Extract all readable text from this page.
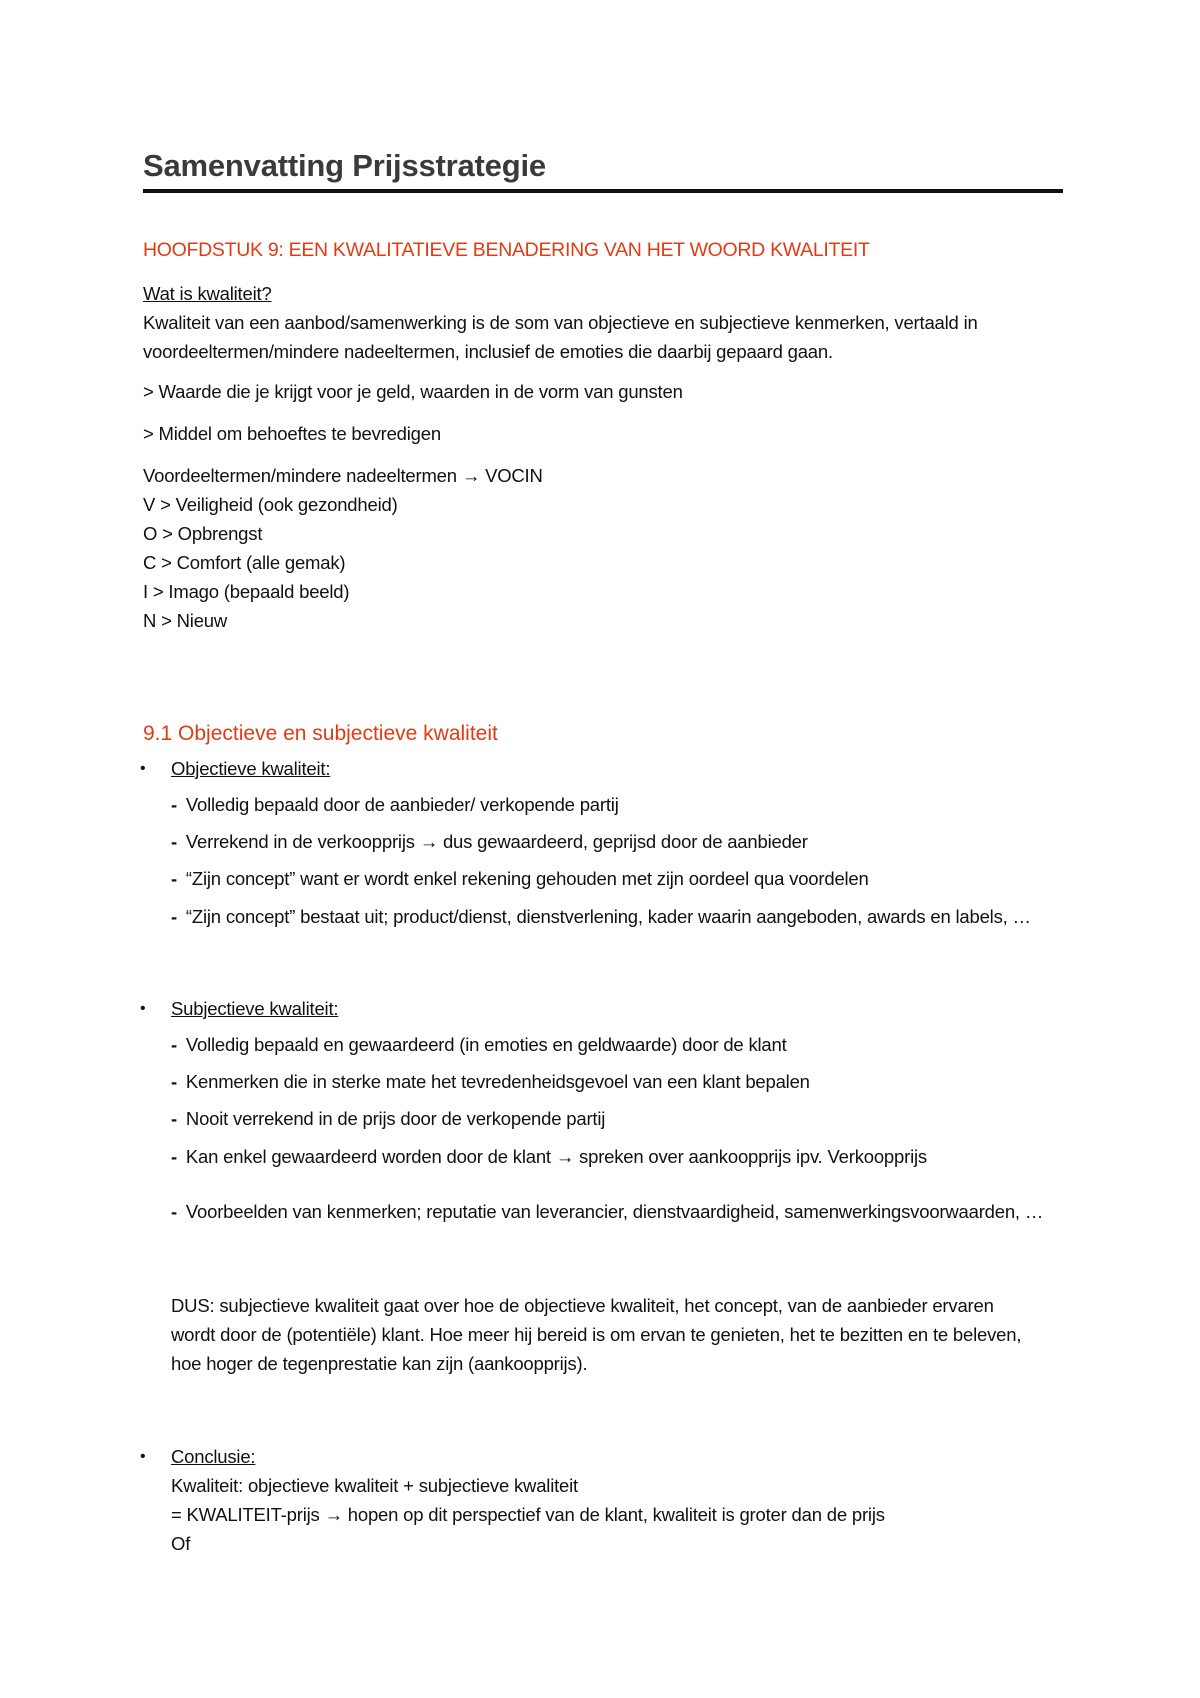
Samenvatting Prijsstrategie
HOOFDSTUK 9: EEN KWALITATIEVE BENADERING VAN HET WOORD KWALITEIT
Wat is kwaliteit?
Kwaliteit van een aanbod/samenwerking is de som van objectieve en subjectieve kenmerken, vertaald in
voordeeltermen/mindere nadeeltermen, inclusief de emoties die daarbij gepaard gaan.
> Waarde die je krijgt voor je geld, waarden in de vorm van gunsten
> Middel om behoeftes te bevredigen
Voordeeltermen/mindere nadeeltermen → VOCIN
V > Veiligheid (ook gezondheid)
O > Opbrengst
C > Comfort (alle gemak)
I > Imago (bepaald beeld)
N > Nieuw
9.1 Objectieve en subjectieve kwaliteit
• Objectieve kwaliteit:
- Volledig bepaald door de aanbieder/ verkopende partij
- Verrekend in de verkoopprijs → dus gewaardeerd, geprijsd door de aanbieder
- “Zijn concept” want er wordt enkel rekening gehouden met zijn oordeel qua voordelen
- “Zijn concept” bestaat uit; product/dienst, dienstverlening, kader waarin aangeboden, awards en labels, …
• Subjectieve kwaliteit:
- Volledig bepaald en gewaardeerd (in emoties en geldwaarde) door de klant
- Kenmerken die in sterke mate het tevredenheidsgevoel van een klant bepalen
- Nooit verrekend in de prijs door de verkopende partij
- Kan enkel gewaardeerd worden door de klant → spreken over aankoopprijs ipv. Verkoopprijs
- Voorbeelden van kenmerken; reputatie van leverancier, dienstvaardigheid, samenwerkingsvoorwaarden, …
DUS: subjectieve kwaliteit gaat over hoe de objectieve kwaliteit, het concept, van de aanbieder ervaren
wordt door de (potentiële) klant. Hoe meer hij bereid is om ervan te genieten, het te bezitten en te beleven,
hoe hoger de tegenprestatie kan zijn (aankoopprijs).
• Conclusie:
Kwaliteit: objectieve kwaliteit + subjectieve kwaliteit
= KWALITEIT-prijs → hopen op dit perspectief van de klant, kwaliteit is groter dan de prijs
Of
